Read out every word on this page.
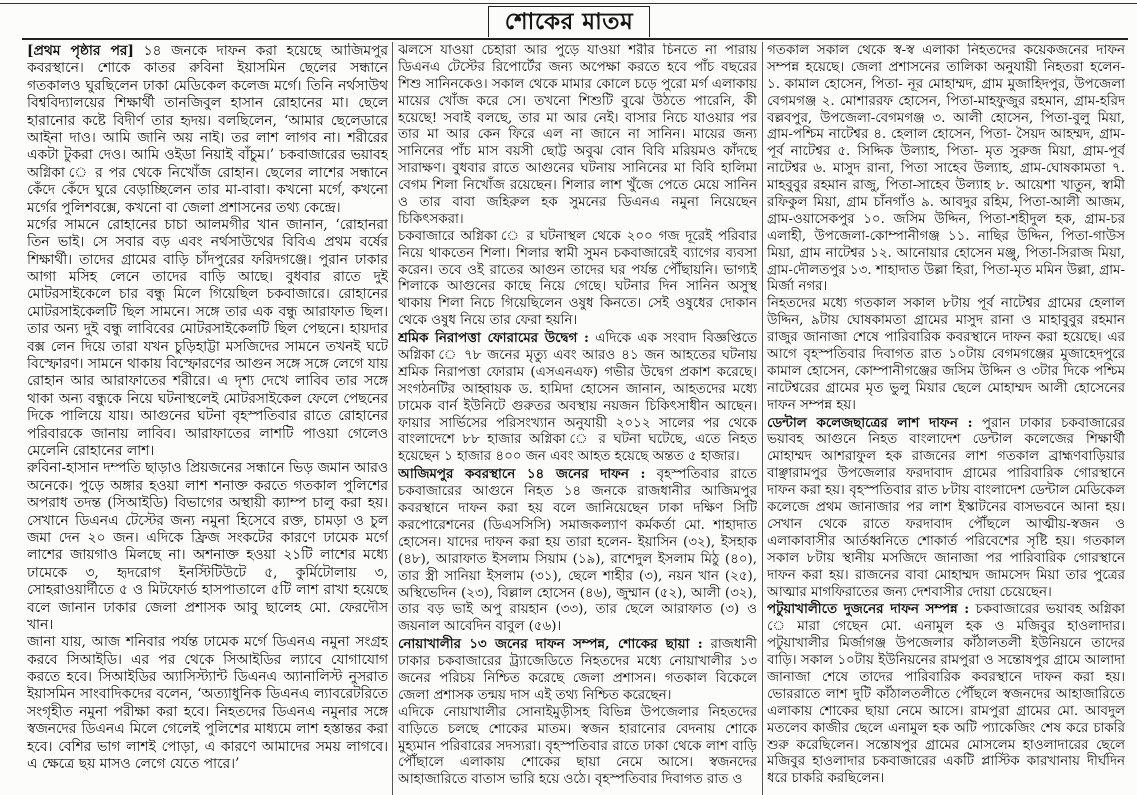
শোকের মাতম

[প্রথম পৃষ্ঠার পর] ১৪ জনকে দাফন করা হয়েছে আজিমপুর কবরস্থানে। শোকে কাতর রুবিনা ইয়াসমিন ছেলের সন্ধানে গতকালও ঘুরছিলেন ঢাকা মেডিকেল কলেজ মর্গে। তিনি নর্থসাউথ বিশ্ববিদ্যালয়ের শিক্ষার্থী তানজিবুল হাসান রোহানের মা। ছেলে হারানোর কষ্টে বিদীর্ণ তার হৃদয়। বলছিলেন, ‘আমার ছেলেডারে আইনা দাও। আমি জানি অয় নাই। তর লাশ লাগব না। শরীরের একটা টুকরা দেও। আমি ওইডা নিয়াই বাঁচুম।’ চকবাজারের ভয়াবহ অগ্নিকা ে র পর থেকে নিখোঁজ রোহান। ছেলের লাশের সন্ধানে কেঁদে কেঁদে ঘুরে বেড়াচ্ছিলেন তার মা-বাবা। কখনো মর্গে, কখনো মর্গের পুলিশবক্সে, কখনো বা জেলা প্রশাসনের তথ্য কেন্দ্রে।

মর্গের সামনে রোহানের চাচা আলমগীর খান জানান, ‘রোহানরা তিন ভাই। সে সবার বড় এবং নর্থসাউথের বিবিএ প্রথম বর্ষের শিক্ষার্থী। তাদের গ্রামের বাড়ি চাঁদপুরের ফরিদগঞ্জে। পুরান ঢাকার আগা মসিহ লেনে তাদের বাড়ি আছে। বুধবার রাতে দুই মোটরসাইকেলে চার বন্ধু মিলে গিয়েছিল চকবাজারে। রোহানের মোটরসাইকেলটি ছিল সামনে। সঙ্গে তার এক বন্ধু আরাফাত ছিল। তার অন্য দুই বন্ধু লাবিবের মোটরসাইকেলটি ছিল পেছনে। হায়দার বক্স লেন দিয়ে তারা যখন চুড়িহাট্টা মসজিদের সামনে তখনই ঘটে বিস্ফোরণ। সামনে থাকায় বিস্ফোরণের আগুন সঙ্গে সঙ্গে লেগে যায় রোহান আর আরাফাতের শরীরে। এ দৃশ্য দেখে লাবিব তার সঙ্গে থাকা অন্য বন্ধুকে নিয়ে ঘটনাস্থলেই মোটরসাইকেল ফেলে পেছনের দিকে পালিয়ে যায়। আগুনের ঘটনা বৃহস্পতিবার রাতে রোহানের পরিবারকে জানায় লাবিব। আরাফাতের লাশটি পাওয়া গেলেও মেলেনি রোহানের লাশ।

রুবিনা-হাসান দম্পতি ছাড়াও প্রিয়জনের সন্ধানে ভিড় জমান আরও অনেকে। পুড়ে অঙ্গার হওয়া লাশ শনাক্ত করতে গতকাল পুলিশের অপরাধ তদন্ত (সিআইডি) বিভাগের অস্থায়ী ক্যাম্প চালু করা হয়। সেখানে ডিএনএ টেস্টের জন্য নমুনা হিসেবে রক্ত, চামড়া ও চুল জমা দেন ২০ জন। এদিকে ফ্রিজ সংকটের কারণে ঢামেক মর্গে লাশের জায়গাও মিলছে না। অশনাক্ত হওয়া ২১টি লাশের মধ্যে ঢামেকে ৩, হৃদরোগ ইনস্টিটিউটে ৫, কুর্মিটোলায় ৩, সোহরাওয়ার্দীতে ৫ ও মিটফোর্ড হাসপাতালে ৫টি লাশ রাখা হয়েছে বলে জানান ঢাকার জেলা প্রশাসক আবু ছালেহ মো. ফেরদৌস খান।

জানা যায়, আজ শনিবার পর্যন্ত ঢামেক মর্গে ডিএনএ নমুনা সংগ্রহ করবে সিআইডি। এর পর থেকে সিআইডির ল্যাবে যোগাযোগ করতে হবে। সিআইডির অ্যাসিস্ট্যান্ট ডিএনএ অ্যানালিস্ট নুসরাত ইয়াসমিন সাংবাদিকদের বলেন, ‘অত্যাধুনিক ডিএনএ ল্যাবরেটরিতে সংগৃহীত নমুনা পরীক্ষা করা হবে। নিহতদের ডিএনএ নমুনার সঙ্গে স্বজনদের ডিএনএ মিলে গেলেই পুলিশের মাধ্যমে লাশ হস্তান্তর করা হবে। বেশির ভাগ লাশই পোড়া, এ কারণে আমাদের সময় লাগবে। এ ক্ষেত্রে ছয় মাসও লেগে যেতে পারে।’

ঝলসে যাওয়া চেহারা আর পুড়ে যাওয়া শরীর চিনতে না পারায় ডিএনএ টেস্টের রিপোর্টের জন্য অপেক্ষা করতে হবে পাঁচ বছরের শিশু সানিনকেও। সকাল থেকে মামার কোলে চড়ে পুরো মর্গ এলাকায় মায়ের খোঁজ করে সে। তখনো শিশুটি বুঝে উঠতে পারেনি, কী হয়েছে! সবাই বলছে, তার মা আর নেই। বাসার নিচে যাওয়ার পর তার মা আর কেন ফিরে এল না জানে না সানিন। মায়ের জন্য সানিনের পাঁচ মাস বয়সী ছোট্ট অবুঝ বোন বিবি মরিয়মও কাঁদছে সারাক্ষণ। বুধবার রাতে আগুনের ঘটনায় সানিনের মা বিবি হালিমা বেগম শিলা নিখোঁজ রয়েছেন। শিলার লাশ খুঁজে পেতে মেয়ে সানিন ও তার বাবা জহিরুল হক সুমনের ডিএনএ নমুনা নিয়েছেন চিকিৎসকরা।

চকবাজারে অগ্নিকা ে র ঘটনাস্থল থেকে ২০০ গজ দূরেই পরিবার নিয়ে থাকতেন শিলা। শিলার স্বামী সুমন চকবাজারেই ব্যাগের ব্যবসা করেন। তবে ওই রাতের আগুন তাদের ঘর পর্যন্ত পৌঁছায়নি। ভাগ্যই শিলাকে আগুনের কাছে নিয়ে গেছে। ঘটনার দিন সানিন অসুস্থ থাকায় শিলা নিচে গিয়েছিলেন ওষুধ কিনতে। সেই ওষুধের দোকান থেকে ওষুধ নিয়ে তার ফেরা হয়নি।

শ্রমিক নিরাপত্তা ফোরামের উদ্বেগ : এদিকে এক সংবাদ বিজ্ঞপ্তিতে অগ্নিকা ে ৭৮ জনের মৃত্যু এবং আরও ৪১ জন আহতের ঘটনায় শ্রমিক নিরাপত্তা ফোরাম (এসএনএফ) গভীর উদ্বেগ প্রকাশ করেছে। সংগঠনটির আহ্বায়ক ড. হামিদা হোসেন জানান, আহতদের মধ্যে ঢামেক বার্ন ইউনিটে গুরুতর অবস্থায় নয়জন চিকিৎসাধীন আছেন। ফায়ার সার্ভিসের পরিসংখ্যান অনুযায়ী ২০১২ সালের পর থেকে বাংলাদেশে ৮৮ হাজার অগ্নিকা ে র ঘটনা ঘটেছে, এতে নিহত হয়েছেন ১ হাজার ৪০০ জন এবং আহত হয়েছে অন্তত ৫ হাজার।

আজিমপুর কবরস্থানে ১৪ জনের দাফন : বৃহস্পতিবার রাতে চকবাজারের আগুনে নিহত ১৪ জনকে রাজধানীর আজিমপুর কবরস্থানে দাফন করা হয় বলে জানিয়েছেন ঢাকা দক্ষিণ সিটি করপোরেশনের (ডিএসসিসি) সমাজকল্যাণ কর্মকর্তা মো. শাহাদাত হোসেন। যাদের দাফন করা হয় তারা হলেন- ইয়াসিন (৩২), ইসহাক (৪৮), আরাফাত ইসলাম সিয়াম (১৯), রাশেদুল ইসলাম মিঠু (৪০), তার স্ত্রী সানিয়া ইসলাম (৩১), ছেলে শাহীর (৩), নয়ন খান (২৫), অস্থিভেদিন (২৩), বিল্লাল হোসেন (৪৬), জুম্মান (৫২), আলী (৩২), তার বড় ভাই অপু রায়হান (৩৩), তার ছেলে আরাফাত (৩) ও জয়নাল আবেদিন বাবুল (৫৬)।

নোয়াখালীর ১৩ জনের দাফন সম্পন্ন, শোকের ছায়া : রাজধানী ঢাকার চকবাজারের ট্র্যাজেডিতে নিহতদের মধ্যে নোয়াখালীর ১৩ জনের পরিচয় নিশ্চিত করেছে জেলা প্রশাসন। গতকাল বিকেলে জেলা প্রশাসক তন্ময় দাস এই তথ্য নিশ্চিত করেছেন।

এদিকে নোয়াখালীর সোনাইমুড়ীসহ বিভিন্ন উপজেলার নিহতদের বাড়িতে চলছে শোকের মাতম। স্বজন হারানোর বেদনায় শোকে মুহ্যমান পরিবারের সদস্যরা। বৃহস্পতিবার রাতে ঢাকা থেকে লাশ বাড়ি পৌঁছালে এলাকায় শোকের ছায়া নেমে আসে। স্বজনদের আহাজারিতে বাতাস ভারি হয়ে ওঠে। বৃহস্পতিবার দিবাগত রাত ও

গতকাল সকাল থেকে স্ব-স্ব এলাকা নিহতদের কয়েকজনের দাফন সম্পন্ন হয়েছে। জেলা প্রশাসনের তালিকা অনুযায়ী নিহতরা হলেন- ১. কামাল হোসেন, পিতা- নূর মোহাম্মদ, গ্রাম মুজাহিদপুর, উপজেলা বেগমগঞ্জ ২. মোশাররফ হোসেন, পিতা-মাহফুজুর রহমান, গ্রাম-হরিদ বল্লবপুর, উপজেলা-বেগমগঞ্জ ৩. আলী হোসেন, পিতা-বুলু মিয়া, গ্রাম-পশ্চিম নাটেশ্বর ৪. হেলাল হোসেন, পিতা- সৈয়দ আহম্মদ, গ্রাম-পূর্ব নাটেশ্বর ৫. সিদ্দিক উল্যাহ, পিতা- মৃত সুরুজ মিয়া, গ্রাম-পূর্ব নাটেশ্বর ৬. মাসুদ রানা, পিতা সাহেব উল্যাহ, গ্রাম-ঘোষকামতা ৭. মাহবুবুর রহমান রাজু, পিতা-সাহেব উল্যাহ ৮. আয়েশা খাতুন, স্বামী রফিকুল মিয়া, গ্রাম চাঁনগাঁও ৯. আবদুর রহিম, পিতা-আলী আজম, গ্রাম-ওয়াসেকপুর ১০. জসিম উদ্দিন, পিতা-শহীদুল হক, গ্রাম-চর এলাহী, উপজেলা-কোম্পানীগঞ্জ ১১. নাছির উদ্দিন, পিতা-গাউস মিয়া, গ্রাম নাটেশ্বর ১২. আনোয়ার হোসেন মঞ্জু, পিতা-সিরাজ মিয়া, গ্রাম-দৌলতপুর ১৩. শাহাদাত উল্লা হিরা, পিতা-মৃত মমিন উল্লা, গ্রাম-মির্জা নগর।

নিহতদের মধ্যে গতকাল সকাল ৮টায় পূর্ব নাটেশ্বর গ্রামের হেলাল উদ্দিন, ৯টায় ঘোষকামতা গ্রামের মাসুদ রানা ও মাহাবুবুর রহমান রাজুর জানাজা শেষে পারিবারিক কবরস্থানে দাফন করা হয়েছে। এর আগে বৃহস্পতিবার দিবাগত রাত ১০টায় বেগমগঞ্জের মুজাহেদপুরে কামাল হোসেন, কোম্পানীগঞ্জের জসিম উদ্দিন ও ৩টার দিকে পশ্চিম নাটেশ্বরের গ্রামের মৃত ভুলু মিয়ার ছেলে মোহাম্মদ আলী হোসেনের দাফন সম্পন্ন হয়।

ডেন্টাল কলেজছাত্রের লাশ দাফন : পুরান ঢাকার চকবাজারের ভয়াবহ আগুনে নিহত বাংলাদেশ ডেন্টাল কলেজের শিক্ষার্থী মোহাম্মদ আশরাফুল হক রাজনের লাশ গতকাল ব্রাহ্মণবাড়িয়ার বাঞ্ছারামপুর উপজেলার ফরদাবাদ গ্রামের পারিবারিক গোরস্থানে দাফন করা হয়। বৃহস্পতিবার রাত ৮টায় বাংলাদেশ ডেন্টাল মেডিকেল কলেজে প্রথম জানাজার পর লাশ ইস্কাটনের বাসভবনে আনা হয়। সেখান থেকে রাতে ফরদাবাদ পৌঁছলে আত্মীয়-স্বজন ও এলাকাবাসীর আর্তধ্বনিতে শোকার্ত পরিবেশের সৃষ্টি হয়। গতকাল সকাল ৮টায় স্থানীয় মসজিদে জানাজা পর পারিবারিক গোরস্থানে দাফন করা হয়। রাজনের বাবা মোহাম্মদ জামসেদ মিয়া তার পুত্রের আত্মার মাগফিরাতের জন্য দেশবাসীর দোয়া চেয়েছেন।

পটুয়াখালীতে দুজনের দাফন সম্পন্ন : চকবাজারের ভয়াবহ অগ্নিকা ে মারা গেছেন মো. এনামুল হক ও মজিবুর হাওলাদার। পটুয়াখালীর মির্জাগঞ্জ উপজেলার কাঁঠালতলী ইউনিয়নে তাদের বাড়ি। সকাল ১০টায় ইউনিয়নের রামপুরা ও সন্তোষপুর গ্রামে আলাদা জানাজা শেষে তাদের পারিবারিক কবরস্থানে দাফন করা হয়। ভোররাতে লাশ দুটি কাঁঠালতলীতে পৌঁছলে স্বজনদের আহাজারিতে এলাকায় শোকের ছায়া নেমে আসে। রামপুরা গ্রামের মো. আবদুল মতলেব কাজীর ছেলে এনামুল হক অটি প্যাকেজিং শেষ করে চাকরি শুরু করেছিলেন। সন্তোষপুর গ্রামের মোসলেম হাওলাদারের ছেলে মজিবুর হাওলাদার চকবাজারের একটি প্লাস্টিক কারখানায় দীর্ঘদিন ধরে চাকরি করছিলেন।
